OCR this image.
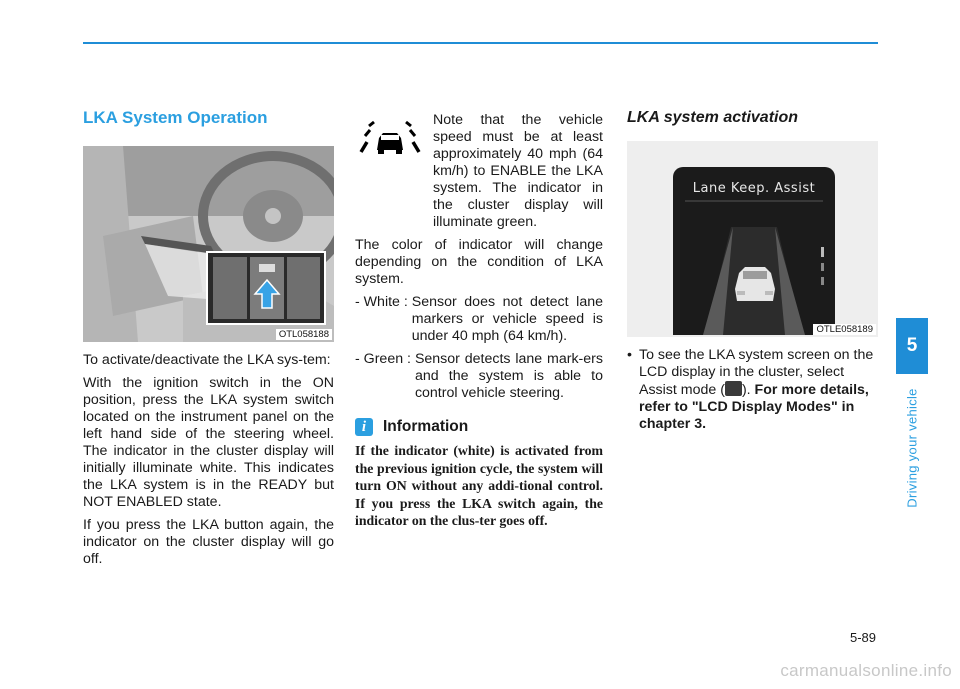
LKA System Operation
OTL058188

To activate/deactivate the LKA sys-tem:

With the ignition switch in the ON position, press the LKA system switch located on the instrument panel on the left hand side of the steering wheel. The indicator in the cluster display will initially illuminate white. This indicates the LKA system is in the READY but NOT ENABLED state.

If you press the LKA button again, the indicator on the cluster display will go off.

Note that the vehicle speed must be at least approximately 40 mph (64 km/h) to ENABLE the LKA system. The indicator in the cluster display will illuminate green.

The color of indicator will change depending on the condition of LKA system.

- White : Sensor does not detect lane markers or vehicle speed is under 40 mph (64 km/h).
- Green : Sensor detects lane mark-ers and the system is able to control vehicle steering.
i	Information

If the indicator (white) is activated from the previous ignition cycle, the system will turn ON without any addi-tional control. If you press the LKA switch again, the indicator on the clus-ter goes off.

LKA system activation
Lane Keep. Assist
OTLE058189
• To see the LKA system screen on the LCD display in the cluster, select Assist mode ( ). For more details, refer to "LCD Display Modes" in chapter 3.
5
Driving your vehicle
5-89
carmanualsonline.info
